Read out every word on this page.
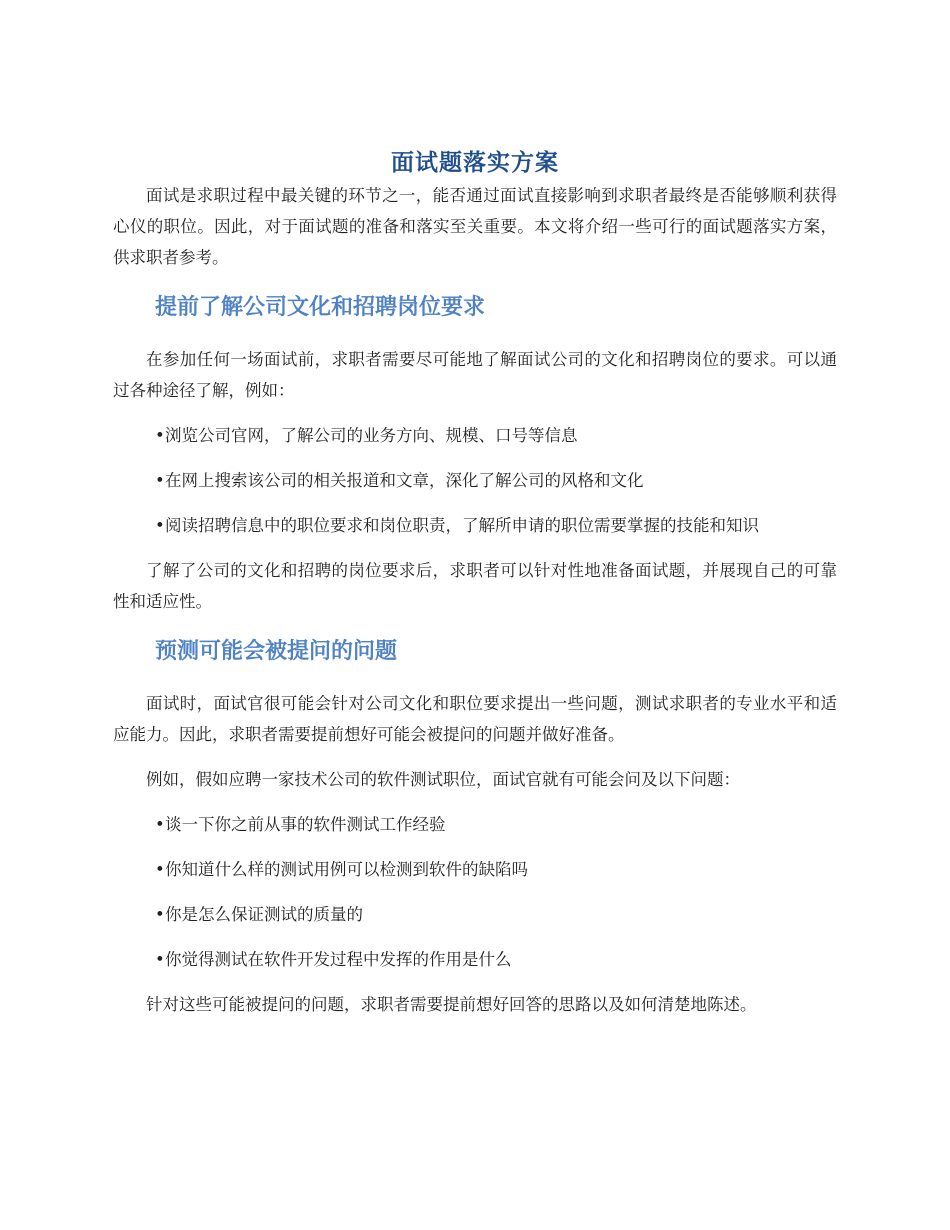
面试题落实方案

面试是求职过程中最关键的环节之一，能否通过面试直接影响到求职者最终是否能够顺利获得心仪的职位。因此，对于面试题的准备和落实至关重要。本文将介绍一些可行的面试题落实方案，供求职者参考。

提前了解公司文化和招聘岗位要求

在参加任何一场面试前，求职者需要尽可能地了解面试公司的文化和招聘岗位的要求。可以通过各种途径了解，例如：

•浏览公司官网，了解公司的业务方向、规模、口号等信息
•在网上搜索该公司的相关报道和文章，深化了解公司的风格和文化
•阅读招聘信息中的职位要求和岗位职责，了解所申请的职位需要掌握的技能和知识

了解了公司的文化和招聘的岗位要求后，求职者可以针对性地准备面试题，并展现自己的可靠性和适应性。

预测可能会被提问的问题

面试时，面试官很可能会针对公司文化和职位要求提出一些问题，测试求职者的专业水平和适应能力。因此，求职者需要提前想好可能会被提问的问题并做好准备。

例如，假如应聘一家技术公司的软件测试职位，面试官就有可能会问及以下问题：

•谈一下你之前从事的软件测试工作经验
•你知道什么样的测试用例可以检测到软件的缺陷吗
•你是怎么保证测试的质量的
•你觉得测试在软件开发过程中发挥的作用是什么

针对这些可能被提问的问题，求职者需要提前想好回答的思路以及如何清楚地陈述。
